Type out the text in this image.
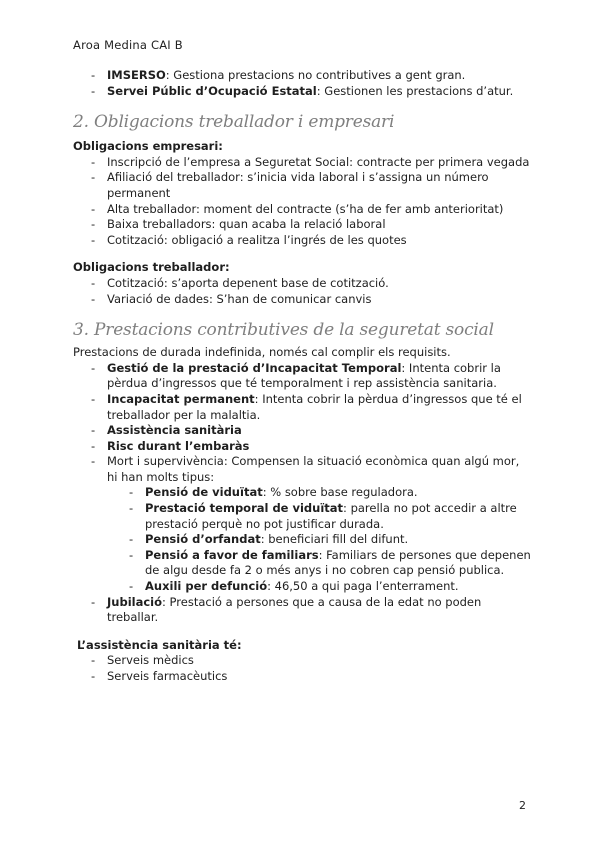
Aroa Medina CAI B
- IMSERSO: Gestiona prestacions no contributives a gent gran.
- Servei Públic d’Ocupació Estatal: Gestionen les prestacions d’atur.
2. Obligacions treballador i empresari

Obligacions empresari:

- Inscripció de l’empresa a Seguretat Social: contracte per primera vegada
- Afiliació del treballador: s’inicia vida laboral i s’assigna un número permanent
- Alta treballador: moment del contracte (s’ha de fer amb anterioritat)
- Baixa treballadors: quan acaba la relació laboral
- Cotització: obligació a realitza l’ingrés de les quotes

Obligacions treballador:

- Cotització: s’aporta depenent base de cotització.
- Variació de dades: S’han de comunicar canvis
3. Prestacions contributives de la seguretat social

Prestacions de durada indefinida, només cal complir els requisits.

- Gestió de la prestació d’Incapacitat Temporal: Intenta cobrir la pèrdua d’ingressos que té temporalment i rep assistència sanitaria.
- Incapacitat permanent: Intenta cobrir la pèrdua d’ingressos que té el treballador per la malaltia.
- Assistència sanitària
- Risc durant l’embaràs
- Mort i supervivència: Compensen la situació econòmica quan algú mor, hi han molts tipus:
- Pensió de viduïtat: % sobre base reguladora.
- Prestació temporal de viduïtat: parella no pot accedir a altre prestació perquè no pot justificar durada.
- Pensió d’orfandat: beneficiari fill del difunt.
- Pensió a favor de familiars: Familiars de persones que depenen de algu desde fa 2 o més anys i no cobren cap pensió publica.
- Auxili per defunció: 46,50 a qui paga l’enterrament.
- Jubilació: Prestació a persones que a causa de la edat no poden treballar.

L’assistència sanitària té:

- Serveis mèdics
- Serveis farmacèutics
2
